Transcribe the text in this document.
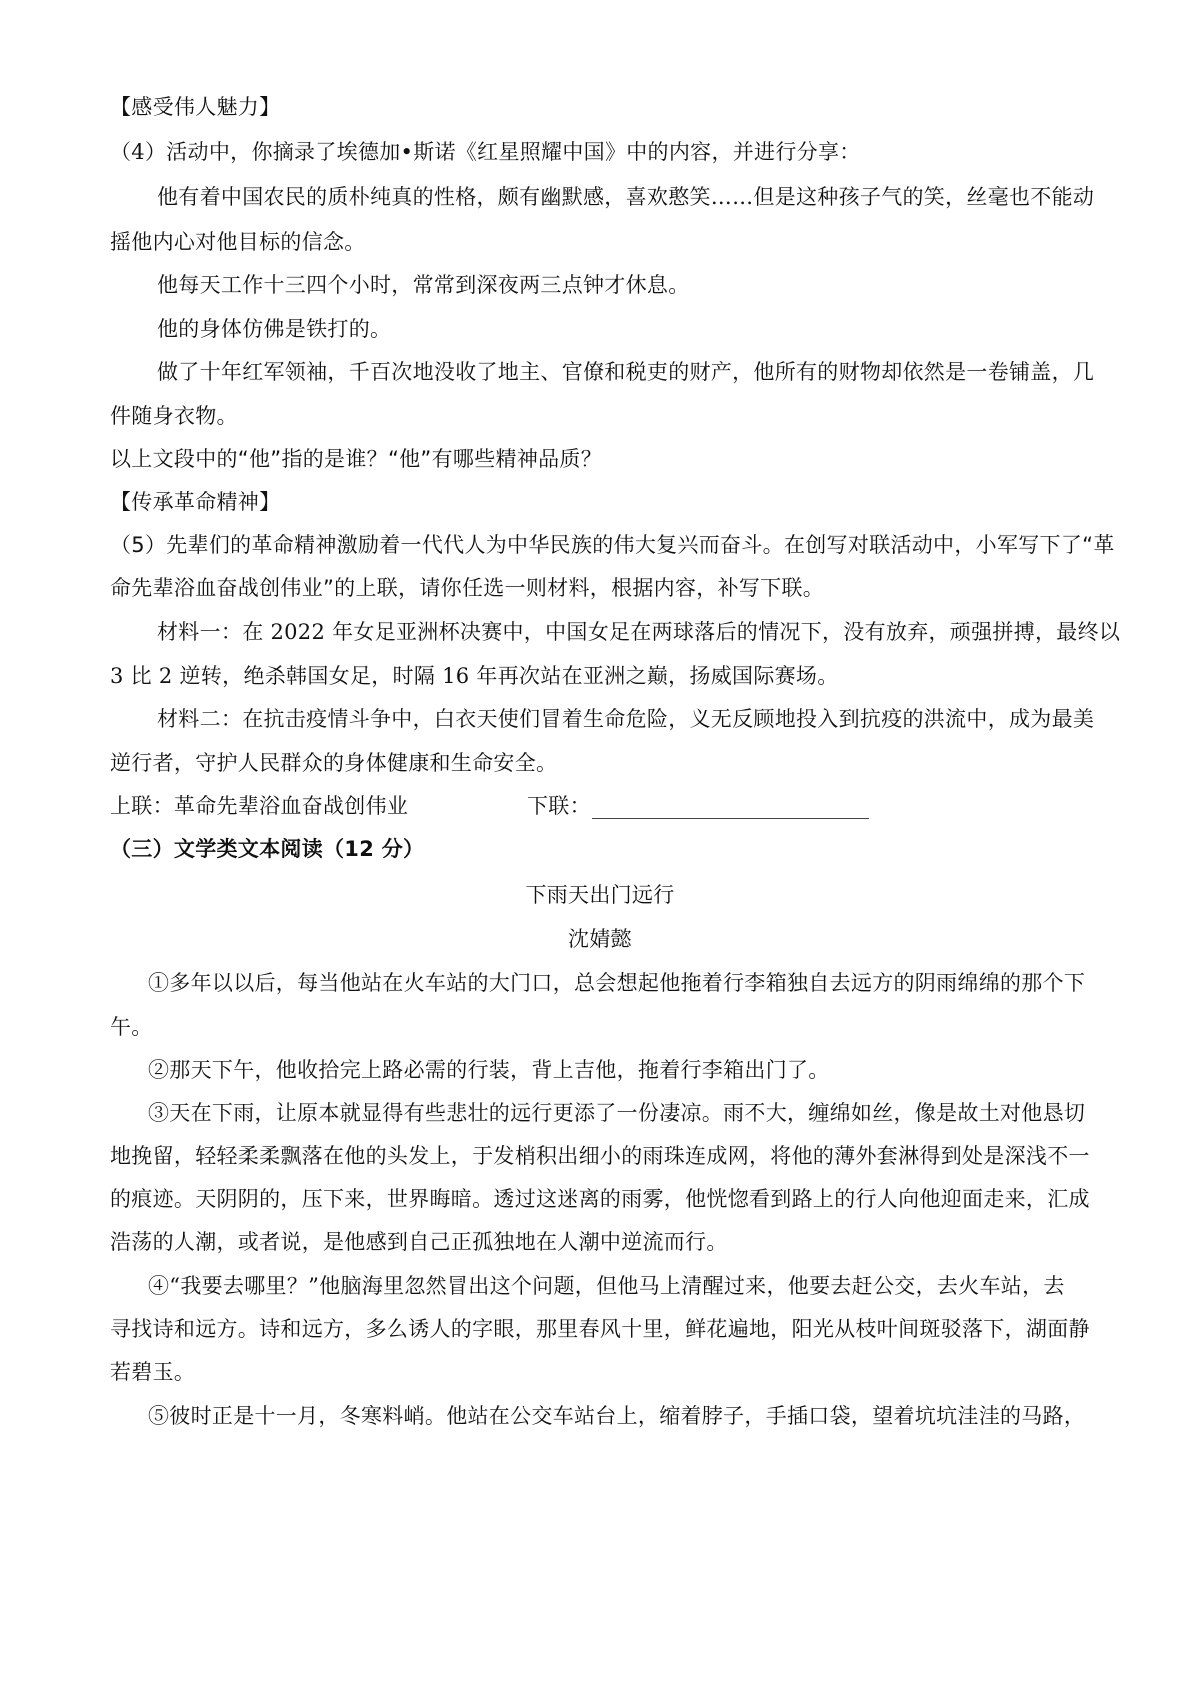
【感受伟人魅力】
（4）活动中，你摘录了埃德加•斯诺《红星照耀中国》中的内容，并进行分享：
他有着中国农民的质朴纯真的性格，颇有幽默感，喜欢憨笑……但是这种孩子气的笑，丝毫也不能动
摇他内心对他目标的信念。
他每天工作十三四个小时，常常到深夜两三点钟才休息。
他的身体仿佛是铁打的。
做了十年红军领袖，千百次地没收了地主、官僚和税吏的财产，他所有的财物却依然是一卷铺盖，几
件随身衣物。
以上文段中的“他”指的是谁？“他”有哪些精神品质？
【传承革命精神】
（5）先辈们的革命精神激励着一代代人为中华民族的伟大复兴而奋斗。在创写对联活动中，小军写下了“革
命先辈浴血奋战创伟业”的上联，请你任选一则材料，根据内容，补写下联。
材料一：在 2022 年女足亚洲杯决赛中，中国女足在两球落后的情况下，没有放弃，顽强拼搏，最终以
3 比 2 逆转，绝杀韩国女足，时隔 16 年再次站在亚洲之巅，扬威国际赛场。
材料二：在抗击疫情斗争中，白衣天使们冒着生命危险，义无反顾地投入到抗疫的洪流中，成为最美
逆行者，守护人民群众的身体健康和生命安全。
上联：革命先辈浴血奋战创伟业	下联：
（三）文学类文本阅读（12 分）
下雨天出门远行
沈婧懿
①多年以以后，每当他站在火车站的大门口，总会想起他拖着行李箱独自去远方的阴雨绵绵的那个下
午。
②那天下午，他收拾完上路必需的行装，背上吉他，拖着行李箱出门了。
③天在下雨，让原本就显得有些悲壮的远行更添了一份凄凉。雨不大，缠绵如丝，像是故土对他恳切
地挽留，轻轻柔柔飘落在他的头发上，于发梢积出细小的雨珠连成网，将他的薄外套淋得到处是深浅不一
的痕迹。天阴阴的，压下来，世界晦暗。透过这迷离的雨雾，他恍惚看到路上的行人向他迎面走来，汇成
浩荡的人潮，或者说，是他感到自己正孤独地在人潮中逆流而行。
④“我要去哪里？”他脑海里忽然冒出这个问题，但他马上清醒过来，他要去赶公交，去火车站，去
寻找诗和远方。诗和远方，多么诱人的字眼，那里春风十里，鲜花遍地，阳光从枝叶间斑驳落下，湖面静
若碧玉。
⑤彼时正是十一月，冬寒料峭。他站在公交车站台上，缩着脖子，手插口袋，望着坑坑洼洼的马路，
